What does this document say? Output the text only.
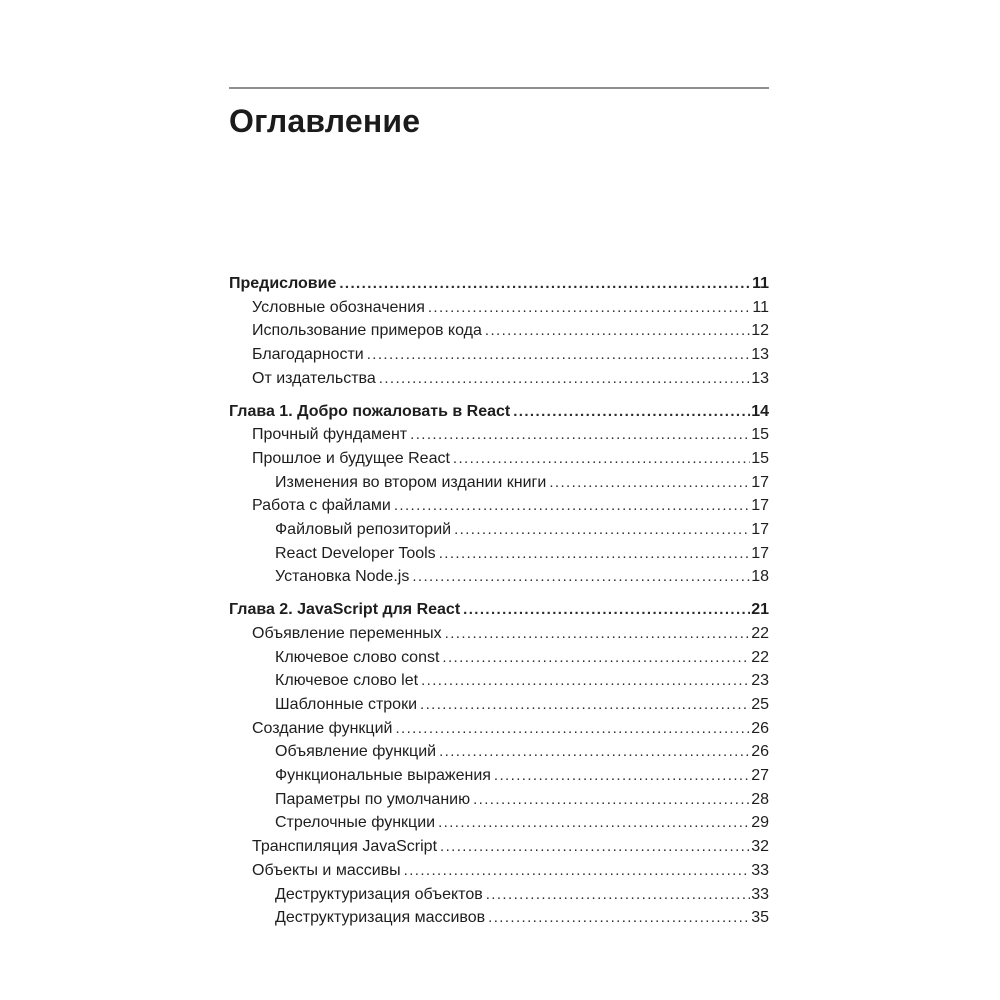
Оглавление
Предисловие .....	11
Условные обозначения .....	11
Использование примеров кода .....	12
Благодарности .....	13
От издательства .....	13
Глава 1. Добро пожаловать в React .....	14
Прочный фундамент .....	15
Прошлое и будущее React .....	15
Изменения во втором издании книги .....	17
Работа с файлами .....	17
Файловый репозиторий .....	17
React Developer Tools .....	17
Установка Node.js .....	18
Глава 2. JavaScript для React .....	21
Объявление переменных .....	22
Ключевое слово const .....	22
Ключевое слово let .....	23
Шаблонные строки .....	25
Создание функций .....	26
Объявление функций .....	26
Функциональные выражения .....	27
Параметры по умолчанию .....	28
Стрелочные функции .....	29
Транспиляция JavaScript .....	32
Объекты и массивы .....	33
Деструктуризация объектов .....	33
Деструктуризация массивов .....	35
